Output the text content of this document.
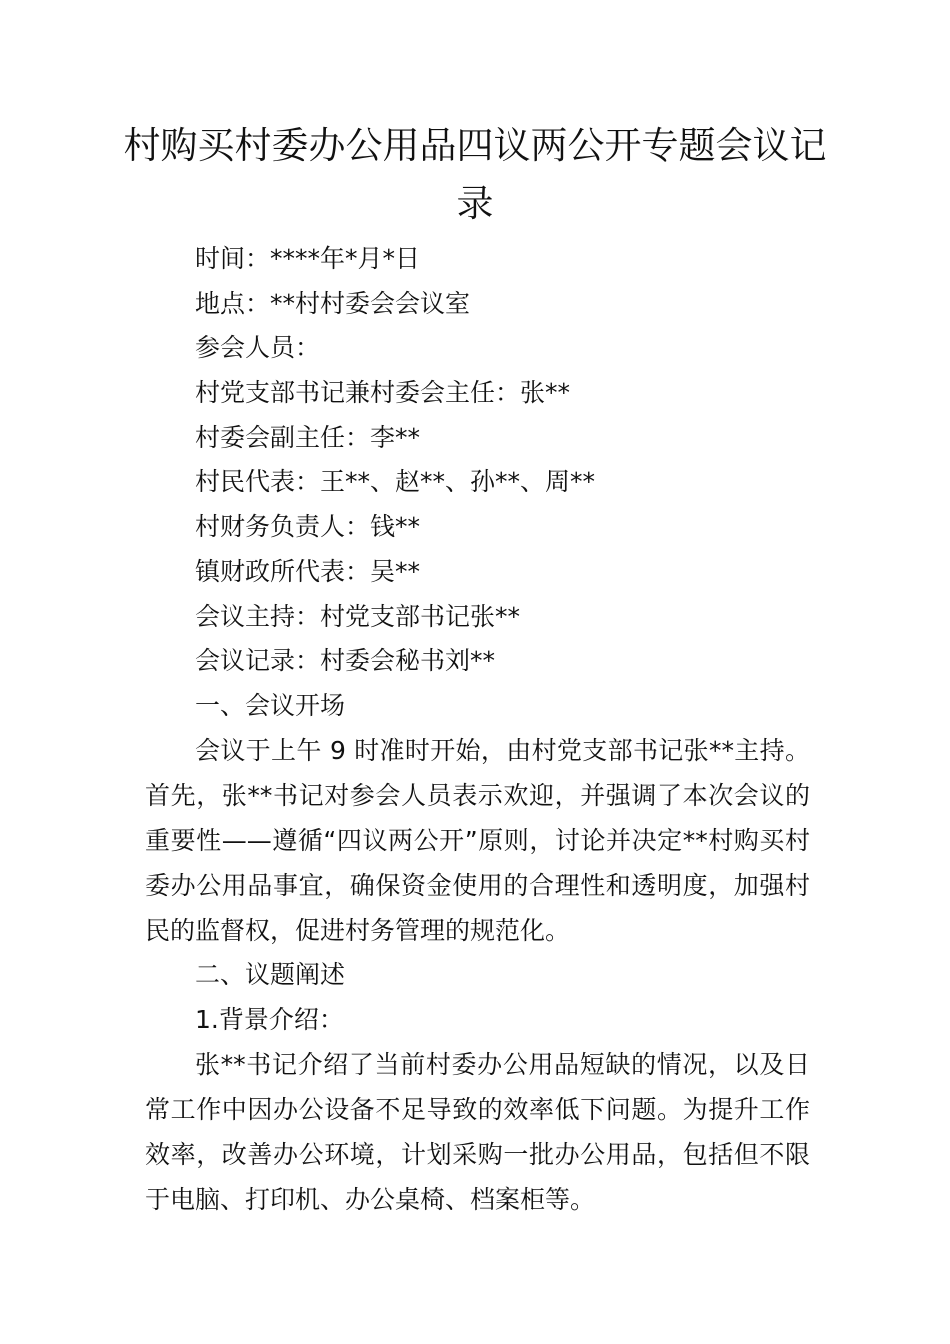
村购买村委办公用品四议两公开专题会议记录
时间：****年*月*日
地点：**村村委会会议室
参会人员：
村党支部书记兼村委会主任：张**
村委会副主任：李**
村民代表：王**、赵**、孙**、周**
村财务负责人：钱**
镇财政所代表：吴**
会议主持：村党支部书记张**
会议记录：村委会秘书刘**
一、会议开场

会议于上午 9 时准时开始，由村党支部书记张**主持。首先，张**书记对参会人员表示欢迎，并强调了本次会议的重要性——遵循“四议两公开”原则，讨论并决定**村购买村委办公用品事宜，确保资金使用的合理性和透明度，加强村民的监督权，促进村务管理的规范化。

二、议题阐述

1.背景介绍：

张**书记介绍了当前村委办公用品短缺的情况，以及日常工作中因办公设备不足导致的效率低下问题。为提升工作效率，改善办公环境，计划采购一批办公用品，包括但不限于电脑、打印机、办公桌椅、档案柜等。
